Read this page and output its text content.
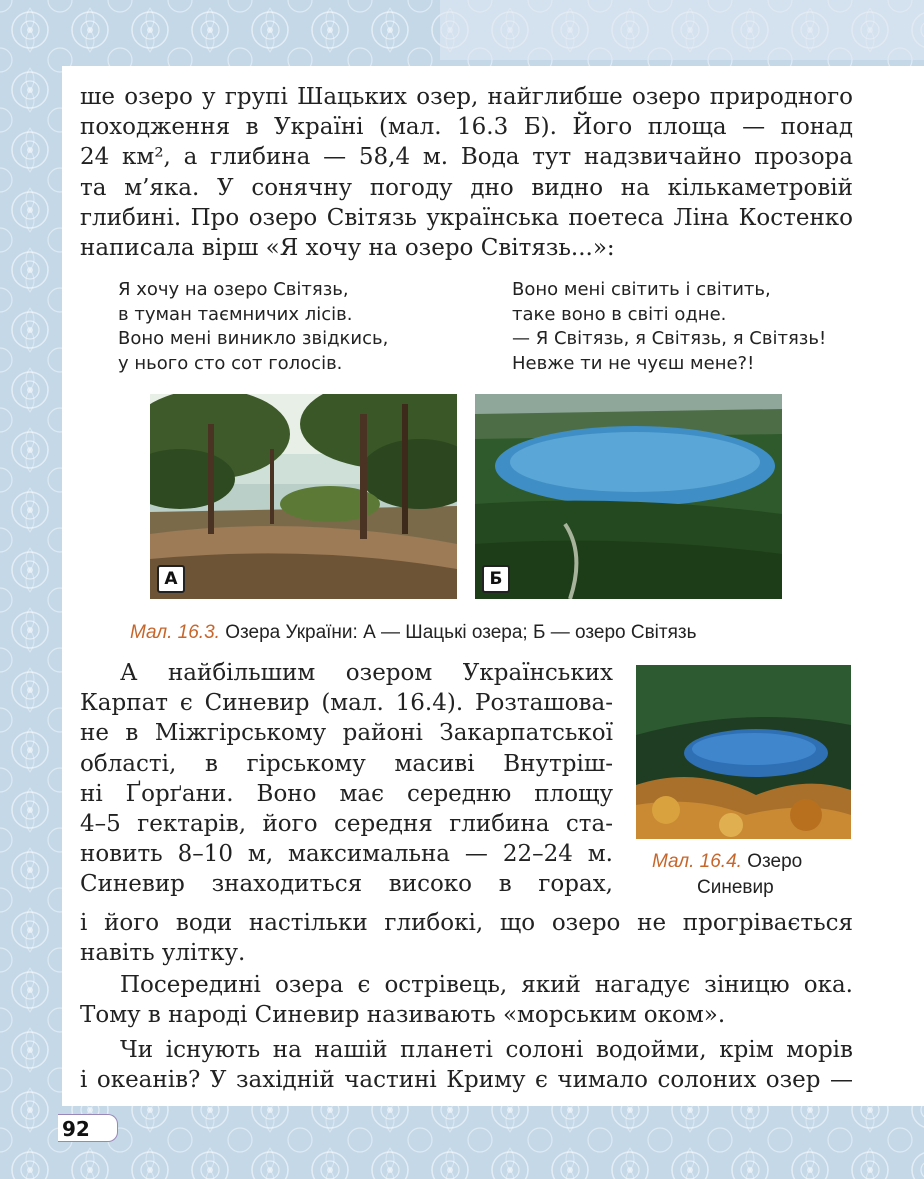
ше озеро у групі Шацьких озер, найглибше озеро природного
походження в Україні (мал. 16.3 Б). Його площа — понад
24 км², а глибина — 58,4 м. Вода тут надзвичайно прозора
та м’яка. У сонячну погоду дно видно на кількаметровій
глибині. Про озеро Світязь українська поетеса Ліна Костенко
написала вірш «Я хочу на озеро Світязь...»:
Я хочу на озеро Світязь,
в туман таємничих лісів.
Воно мені виникло звідкись,
у нього сто сот голосів.
Воно мені світить і світить,
таке воно в світі одне.
— Я Світязь, я Світязь, я Світязь!
Невже ти не чуєш мене?!
А	Б
Мал. 16.3. Озера України: А — Шацькі озера; Б — озеро Світязь
А найбільшим озером Українських
Карпат є Синевир (мал. 16.4). Розташова-
не в Міжгірському районі Закарпатської
області, в гірському масиві Внутріш-
ні Ґорґани. Воно має середню площу
4–5 гектарів, його середня глибина ста-
новить 8–10 м, максимальна — 22–24 м.
Синевир знаходиться високо в горах,
Мал. 16.4. Озеро
Синевир
і його води настільки глибокі, що озеро не прогрівається
навіть улітку.
Посередині озера є острівець, який нагадує зіницю ока.
Тому в народі Синевир називають «морським оком».
Чи існують на нашій планеті солоні водойми, крім морів
і океанів? У західній частині Криму є чимало солоних озер —
92
